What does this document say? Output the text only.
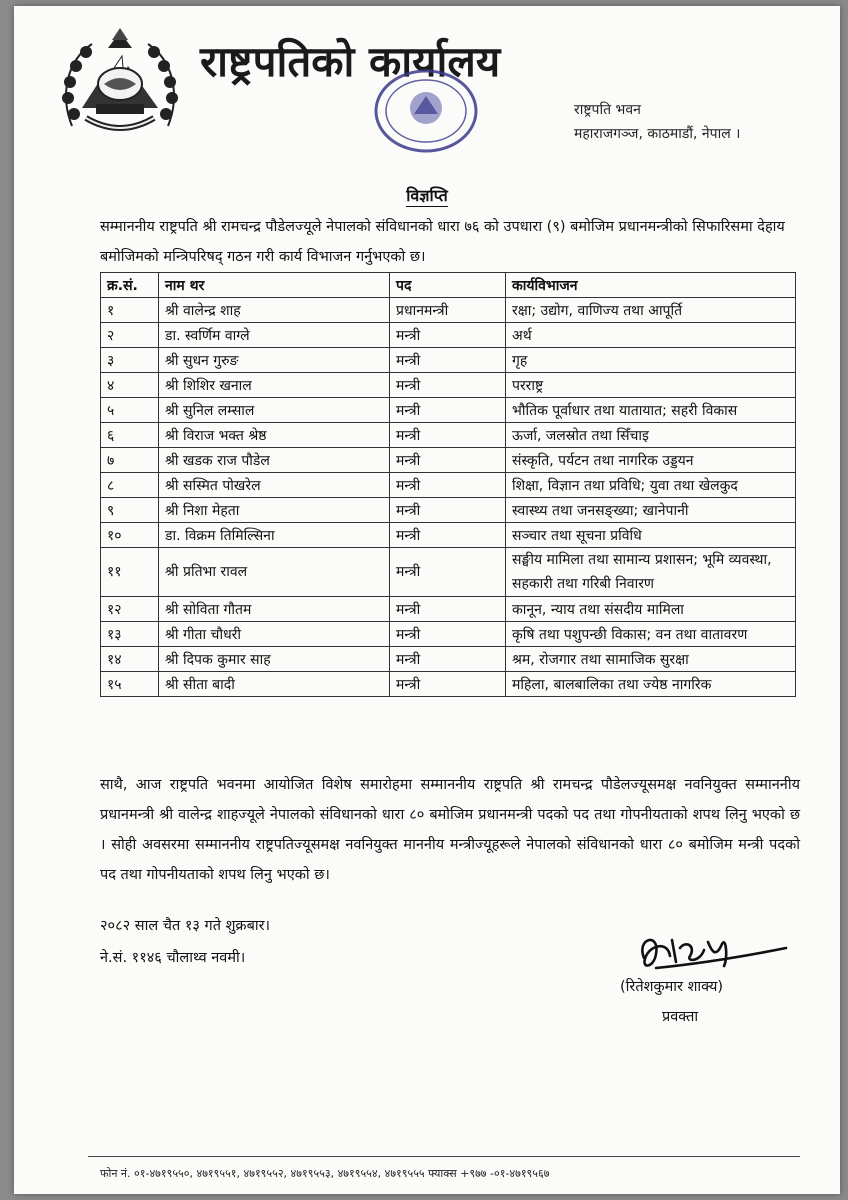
राष्ट्रपतिको कार्यालय
राष्ट्रपति भवन
महाराजगञ्ज, काठमाडौं, नेपाल ।
विज्ञप्ति
सम्माननीय राष्ट्रपति श्री रामचन्द्र पौडेलज्यूले नेपालको संविधानको धारा ७६ को उपधारा (९) बमोजिम प्रधानमन्त्रीको सिफारिसमा देहाय बमोजिमको मन्त्रिपरिषद् गठन गरी कार्य विभाजन गर्नुभएको छ।
क्र.सं.	नाम थर	पद	कार्यविभाजन
१	श्री वालेन्द्र शाह	प्रधानमन्त्री	रक्षा; उद्योग, वाणिज्य तथा आपूर्ति
२	डा. स्वर्णिम वाग्ले	मन्त्री	अर्थ
३	श्री सुधन गुरुङ	मन्त्री	गृह
४	श्री शिशिर खनाल	मन्त्री	परराष्ट्र
५	श्री सुनिल लम्साल	मन्त्री	भौतिक पूर्वाधार तथा यातायात; सहरी विकास
६	श्री विराज भक्त श्रेष्ठ	मन्त्री	ऊर्जा, जलस्रोत तथा सिँचाइ
७	श्री खडक राज पौडेल	मन्त्री	संस्कृति, पर्यटन तथा नागरिक उड्डयन
८	श्री सस्मित पोखरेल	मन्त्री	शिक्षा, विज्ञान तथा प्रविधि; युवा तथा खेलकुद
९	श्री निशा मेहता	मन्त्री	स्वास्थ्य तथा जनसङ्ख्या; खानेपानी
१०	डा. विक्रम तिमिल्सिना	मन्त्री	सञ्चार तथा सूचना प्रविधि
११	श्री प्रतिभा रावल	मन्त्री	सङ्घीय मामिला तथा सामान्य प्रशासन; भूमि व्यवस्था, सहकारी तथा गरिबी निवारण
१२	श्री सोविता गौतम	मन्त्री	कानून, न्याय तथा संसदीय मामिला
१३	श्री गीता चौधरी	मन्त्री	कृषि तथा पशुपन्छी विकास; वन तथा वातावरण
१४	श्री दिपक कुमार साह	मन्त्री	श्रम, रोजगार तथा सामाजिक सुरक्षा
१५	श्री सीता बादी	मन्त्री	महिला, बालबालिका तथा ज्येष्ठ नागरिक
साथै, आज राष्ट्रपति भवनमा आयोजित विशेष समारोहमा सम्माननीय राष्ट्रपति श्री रामचन्द्र पौडेलज्यूसमक्ष नवनियुक्त सम्माननीय प्रधानमन्त्री श्री वालेन्द्र शाहज्यूले नेपालको संविधानको धारा ८० बमोजिम प्रधानमन्त्री पदको पद तथा गोपनीयताको शपथ लिनु भएको छ । सोही अवसरमा सम्माननीय राष्ट्रपतिज्यूसमक्ष नवनियुक्त माननीय मन्त्रीज्यूहरूले नेपालको संविधानको धारा ८० बमोजिम मन्त्री पदको पद तथा गोपनीयताको शपथ लिनु भएको छ।
२०८२ साल चैत १३ गते शुक्रबार।
ने.सं. ११४६ चौलाथ्व नवमी।
(रितेशकुमार शाक्य)
प्रवक्ता
फोन नं. ०१-४७१९५५०, ४७१९५५१, ४७१९५५२, ४७१९५५३, ४७१९५५४, ४७१९५५५ फ्याक्स +९७७ -०१-४७१९५६७
